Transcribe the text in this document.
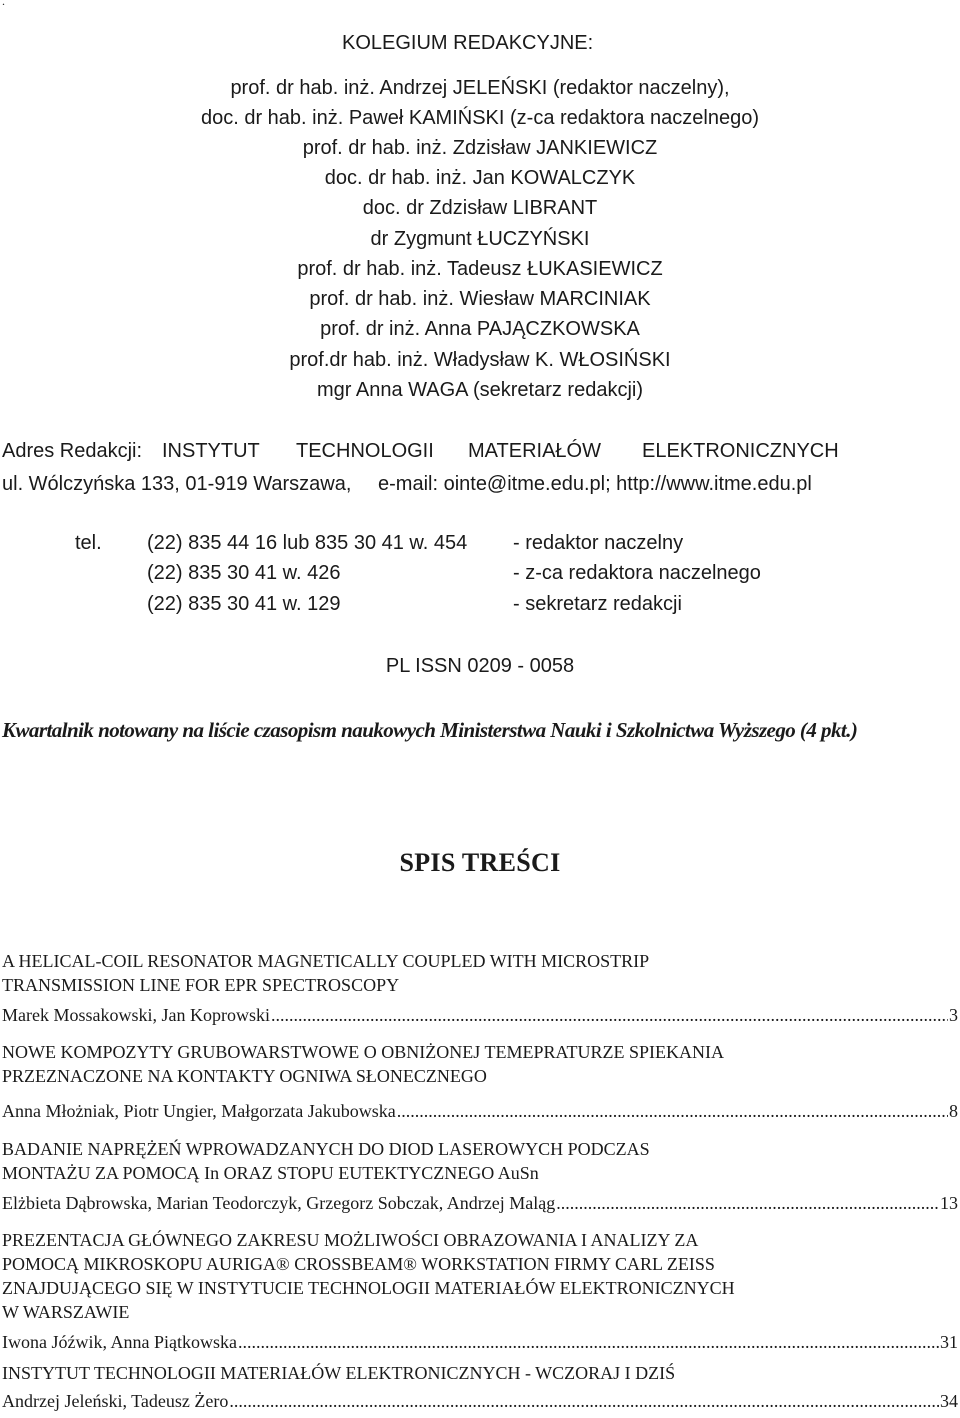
.
KOLEGIUM REDAKCYJNE:
prof. dr hab. inż. Andrzej JELEŃSKI (redaktor naczelny),
doc. dr hab. inż. Paweł KAMIŃSKI (z-ca redaktora naczelnego)
prof. dr hab. inż. Zdzisław JANKIEWICZ
doc. dr hab. inż. Jan KOWALCZYK
doc. dr Zdzisław LIBRANT
dr Zygmunt ŁUCZYŃSKI
prof. dr hab. inż. Tadeusz ŁUKASIEWICZ
prof. dr hab. inż. Wiesław MARCINIAK
prof. dr inż. Anna PAJĄCZKOWSKA
prof.dr hab. inż. Władysław K. WŁOSIŃSKI
mgr Anna WAGA (sekretarz redakcji)
Adres Redakcji: INSTYTUT TECHNOLOGII MATERIAŁÓW ELEKTRONICZNYCH
ul. Wólczyńska 133, 01-919 Warszawa, e-mail: ointe@itme.edu.pl; http://www.itme.edu.pl
tel. (22) 835 44 16 lub 835 30 41 w. 454 - redaktor naczelny
(22) 835 30 41 w. 426	- z-ca redaktora naczelnego
(22) 835 30 41 w. 129	- sekretarz redakcji
PL ISSN 0209 - 0058
Kwartalnik notowany na liście czasopism naukowych Ministerstwa Nauki i Szkolnictwa Wyższego (4 pkt.)
SPIS TREŚCI
A HELICAL-COIL RESONATOR MAGNETICALLY COUPLED WITH MICROSTRIP
TRANSMISSION LINE FOR EPR SPECTROSCOPY
Marek Mossakowski, Jan Koprowski .....	3
NOWE KOMPOZYTY GRUBOWARSTWOWE O OBNIŻONEJ TEMEPRATURZE SPIEKANIA
PRZEZNACZONE NA KONTAKTY OGNIWA SŁONECZNEGO
Anna Młożniak, Piotr Ungier, Małgorzata Jakubowska .....	8
BADANIE NAPRĘŻEŃ WPROWADZANYCH DO DIOD LASEROWYCH PODCZAS
MONTAŻU ZA POMOCĄ In ORAZ STOPU EUTEKTYCZNEGO AuSn
Elżbieta Dąbrowska, Marian Teodorczyk, Grzegorz Sobczak, Andrzej Maląg .....	13
PREZENTACJA GŁÓWNEGO ZAKRESU MOŻLIWOŚCI OBRAZOWANIA I ANALIZY ZA
POMOCĄ MIKROSKOPU AURIGA® CROSSBEAM® WORKSTATION FIRMY CARL ZEISS
ZNAJDUJĄCEGO SIĘ W INSTYTUCIE TECHNOLOGII MATERIAŁÓW ELEKTRONICZNYCH
W WARSZAWIE
Iwona Jóźwik, Anna Piątkowska .....	31
INSTYTUT TECHNOLOGII MATERIAŁÓW ELEKTRONICZNYCH - WCZORAJ I DZIŚ
Andrzej Jeleński, Tadeusz Żero .....	34
